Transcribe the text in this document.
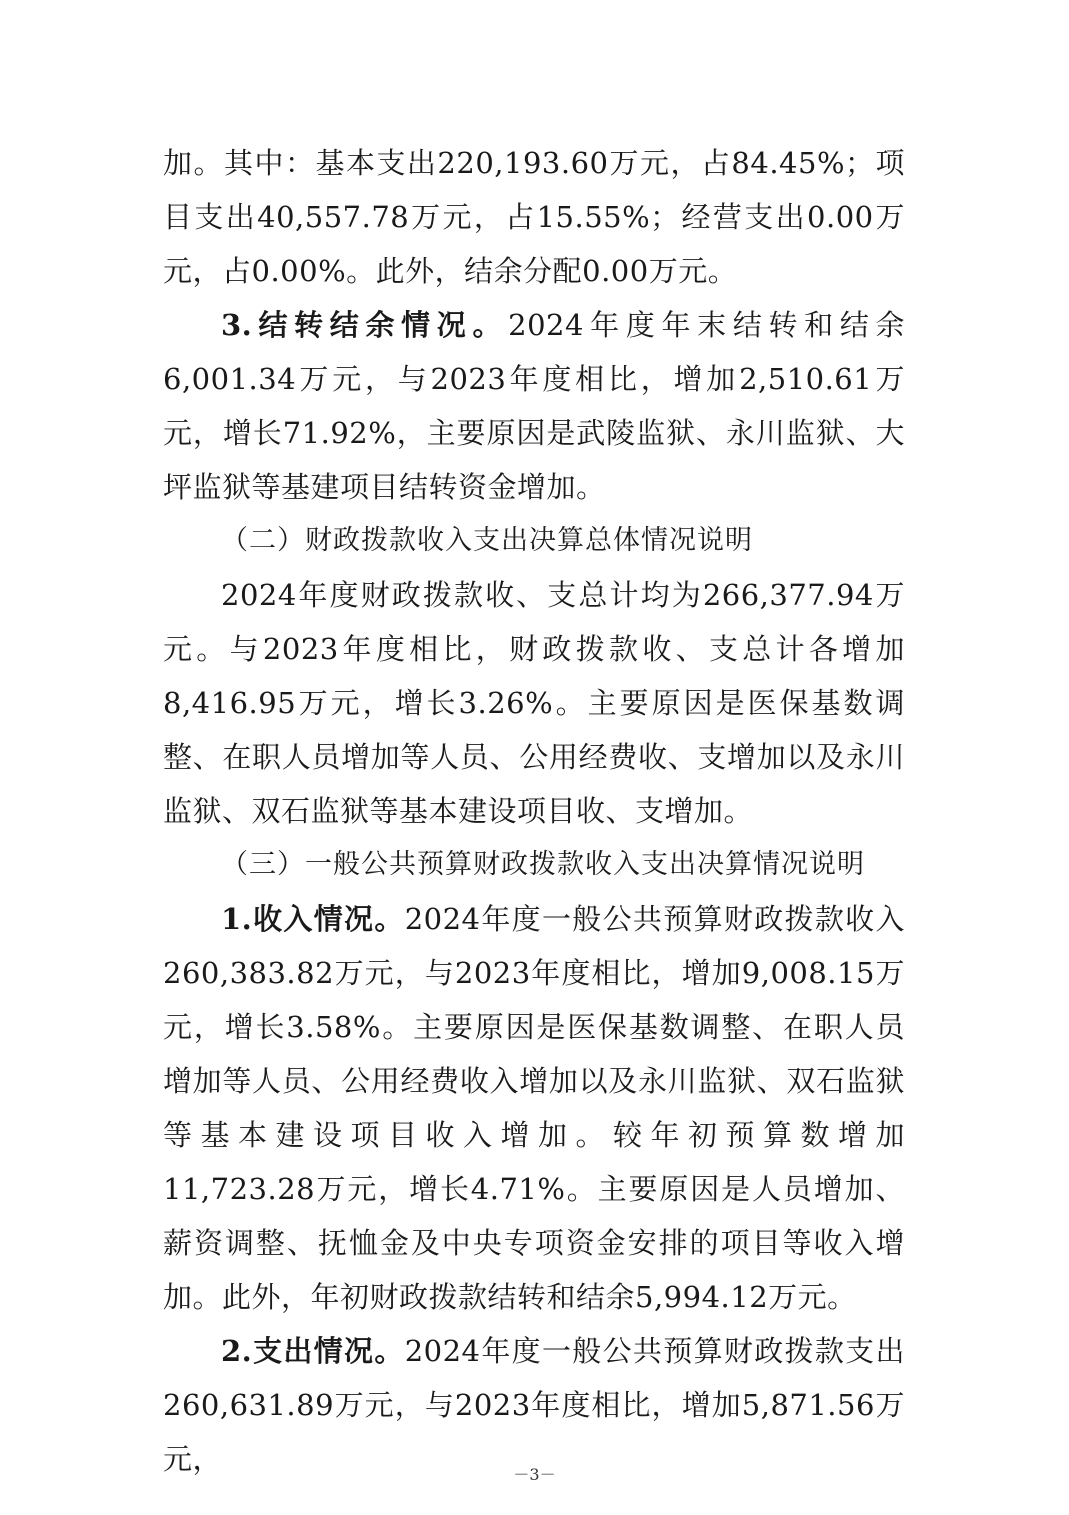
加。其中：基本支出220,193.60万元，占84.45%；项目支出40,557.78万元，占15.55%；经营支出0.00万元，占0.00%。此外，结余分配0.00万元。

3.结转结余情况。2024年度年末结转和结余6,001.34万元，与2023年度相比，增加2,510.61万元，增长71.92%，主要原因是武陵监狱、永川监狱、大坪监狱等基建项目结转资金增加。

（二）财政拨款收入支出决算总体情况说明

2024年度财政拨款收、支总计均为266,377.94万元。与2023年度相比，财政拨款收、支总计各增加8,416.95万元，增长3.26%。主要原因是医保基数调整、在职人员增加等人员、公用经费收、支增加以及永川监狱、双石监狱等基本建设项目收、支增加。

（三）一般公共预算财政拨款收入支出决算情况说明

1.收入情况。2024年度一般公共预算财政拨款收入260,383.82万元，与2023年度相比，增加9,008.15万元，增长3.58%。主要原因是医保基数调整、在职人员增加等人员、公用经费收入增加以及永川监狱、双石监狱等基本建设项目收入增加。较年初预算数增加11,723.28万元，增长4.71%。主要原因是人员增加、薪资调整、抚恤金及中央专项资金安排的项目等收入增加。此外，年初财政拨款结转和结余5,994.12万元。

2.支出情况。2024年度一般公共预算财政拨款支出260,631.89万元，与2023年度相比，增加5,871.56万元，	－3－
